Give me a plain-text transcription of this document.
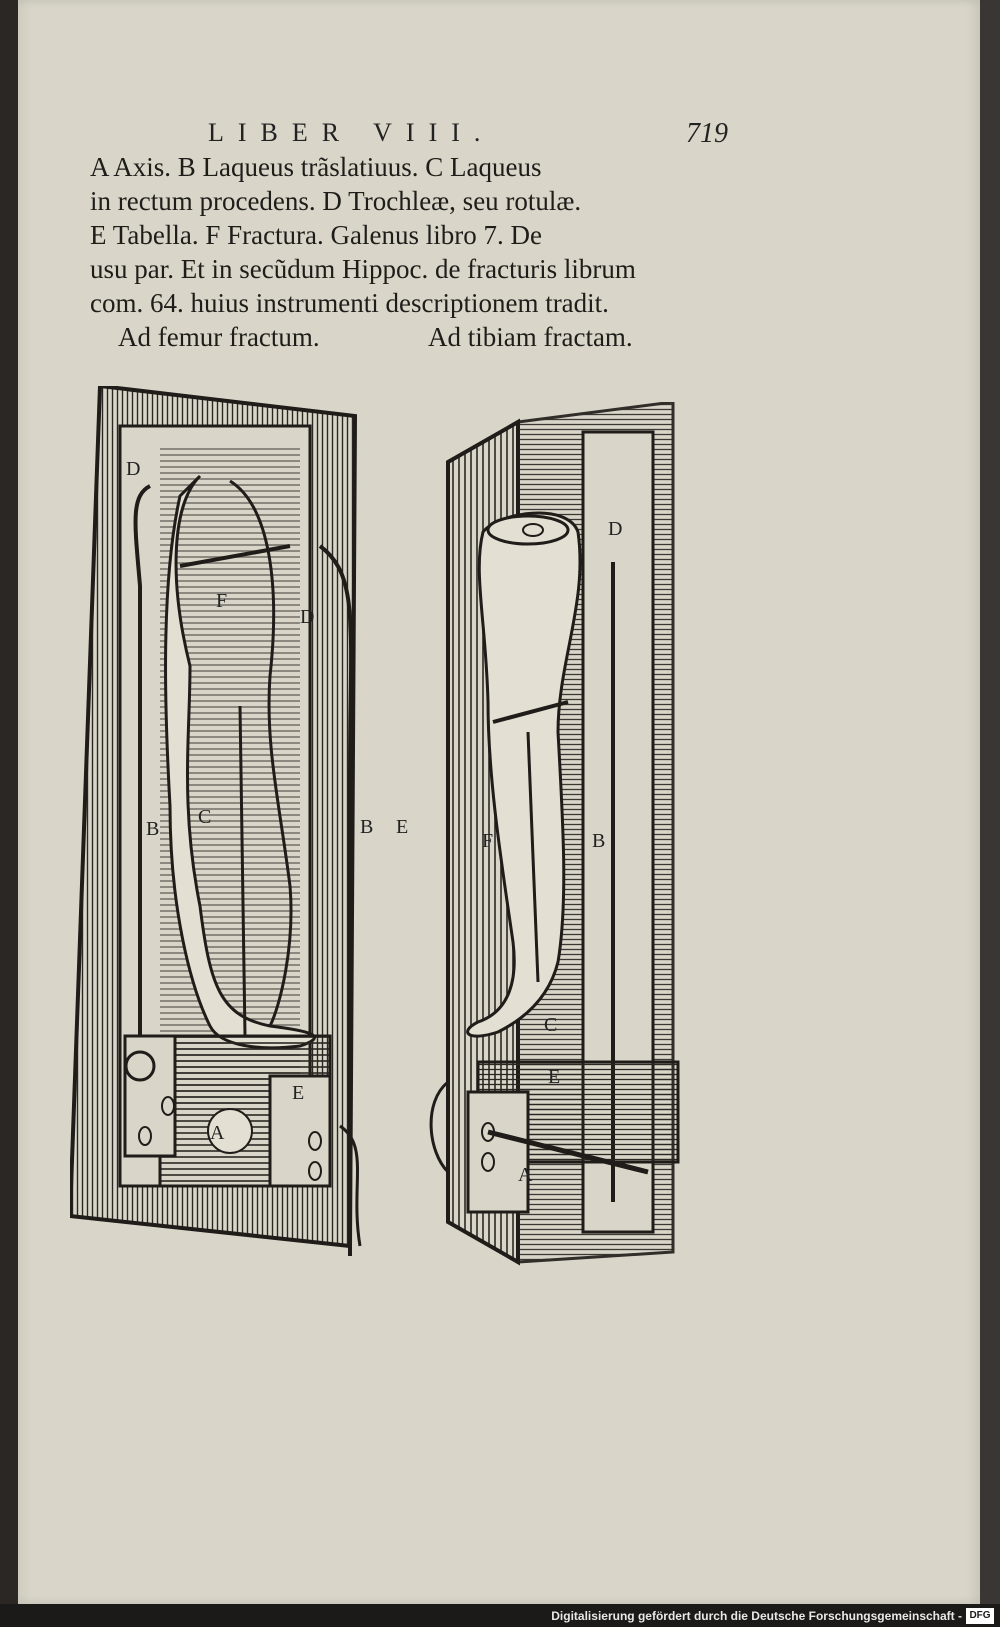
LIBER VIII.	719

A Axis. B Laqueus trãslatiuus. C Laqueus

in rectum procedens. D Trochleæ, seu rotulæ.

E Tabella. F Fractura. Galenus libro 7. De

usu par. Et in secũdum Hippoc. de fracturis librum

com. 64. huius instrumenti descriptionem tradit.

Ad femur fractum.	Ad tibiam fractam.
D
F
D
B
C	B
E
A
E
D
F	B
C
E
A
Digitalisierung gefördert durch die Deutsche Forschungsgemeinschaft - DFG
